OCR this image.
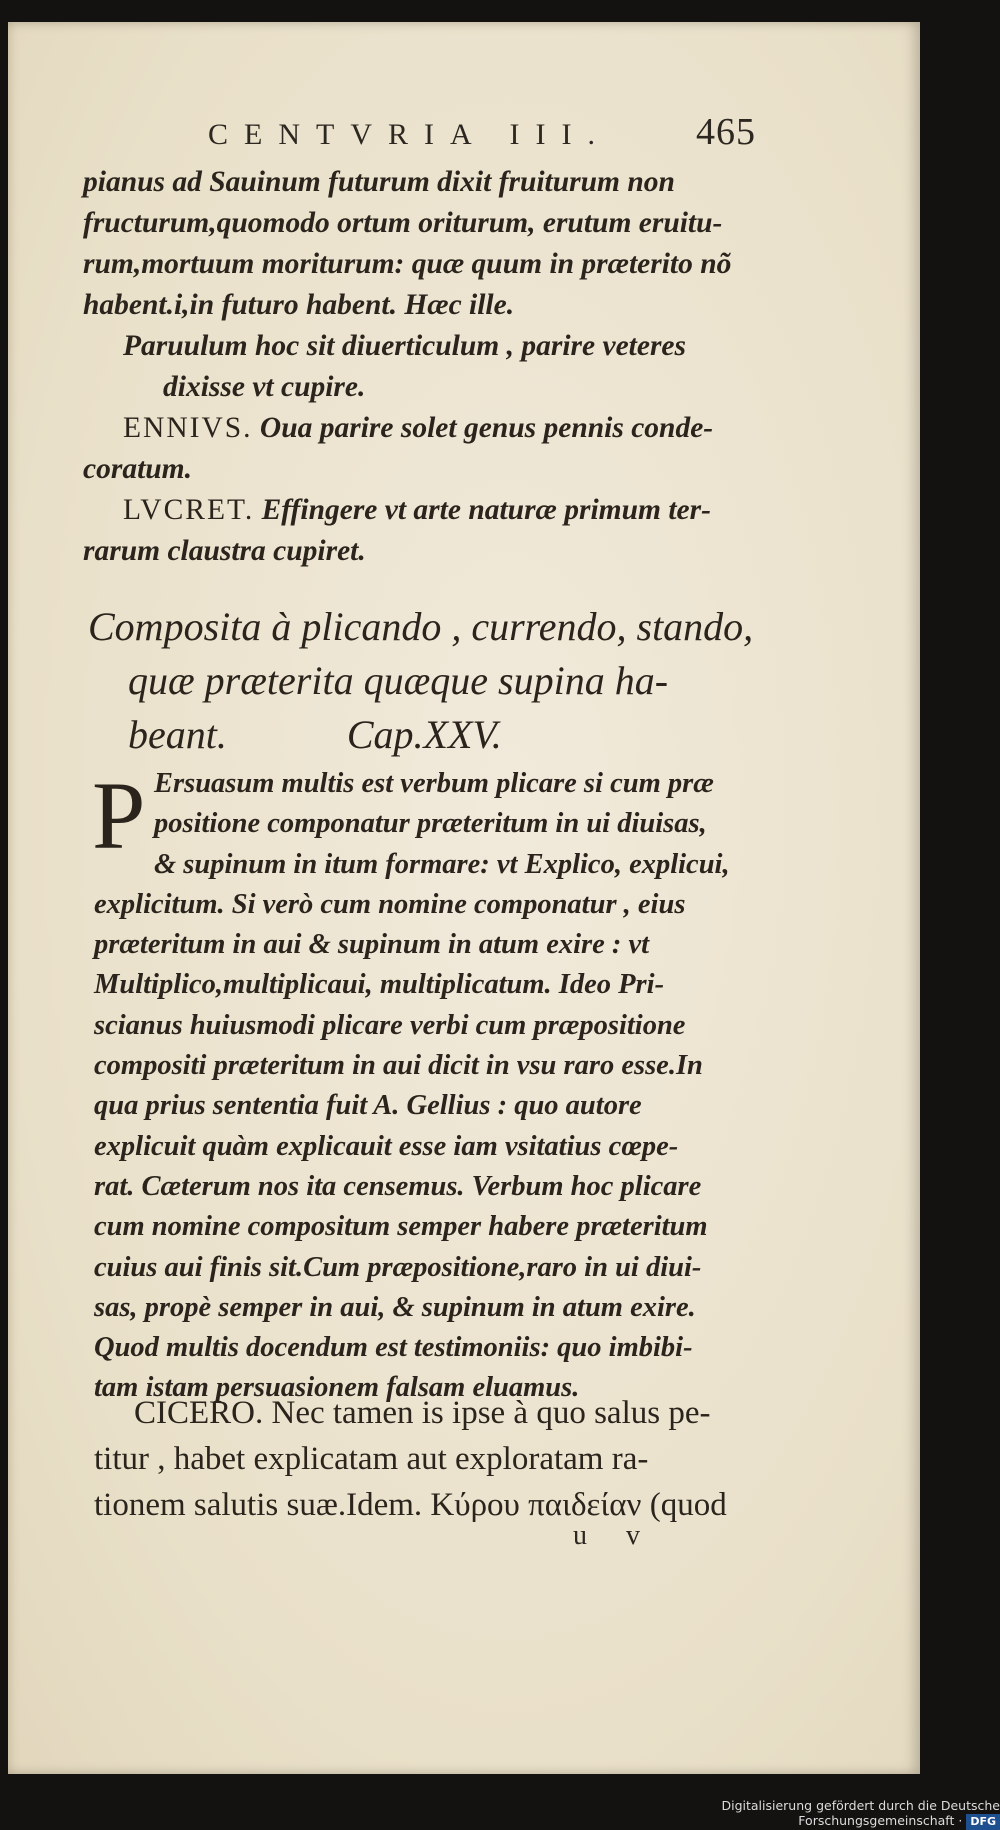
CENTVRIA III. 465
pianus ad Sauinum futurum dixit fruiturum non
fructurum,quomodo ortum oriturum, erutum eruitu-
rum,mortuum moriturum: quæ quum in præterito nõ
habent.i,in futuro habent. Hæc ille.
Paruulum hoc sit diuerticulum , parire veteres
dixisse vt cupire.
ENNIVS. Oua parire solet genus pennis conde-
coratum.
LVCRET. Effingere vt arte naturæ primum ter-
rarum claustra cupiret.
Composita à plicando , currendo, stando,
quæ præterita quæque supina ha-
beant.            Cap.XXV.
P Ersuasum multis est verbum plicare si cum præ
positione componatur præteritum in ui diuisas,
& supinum in itum formare: vt Explico, explicui,
explicitum. Si verò cum nomine componatur , eius
præteritum in aui & supinum in atum exire : vt
Multiplico,multiplicaui, multiplicatum. Ideo Pri-
scianus huiusmodi plicare verbi cum præpositione
compositi præteritum in aui dicit in vsu raro esse.In
qua prius sententia fuit A. Gellius : quo autore
explicuit quàm explicauit esse iam vsitatius cœpe-
rat. Cæterum nos ita censemus. Verbum hoc plicare
cum nomine compositum semper habere præteritum
cuius aui finis sit.Cum præpositione,raro in ui diui-
sas, propè semper in aui, & supinum in atum exire.
Quod multis docendum est testimoniis: quo imbibi-
tam istam persuasionem falsam eluamus.
CICERO. Nec tamen is ipse à quo salus pe-
titur , habet explicatam aut exploratam ra-
tionem salutis suæ.Idem. Κύρου παιδείαν (quod
u v
Digitalisierung gefördert durch die Deutsche Forschungsgemeinschaft · DFG
